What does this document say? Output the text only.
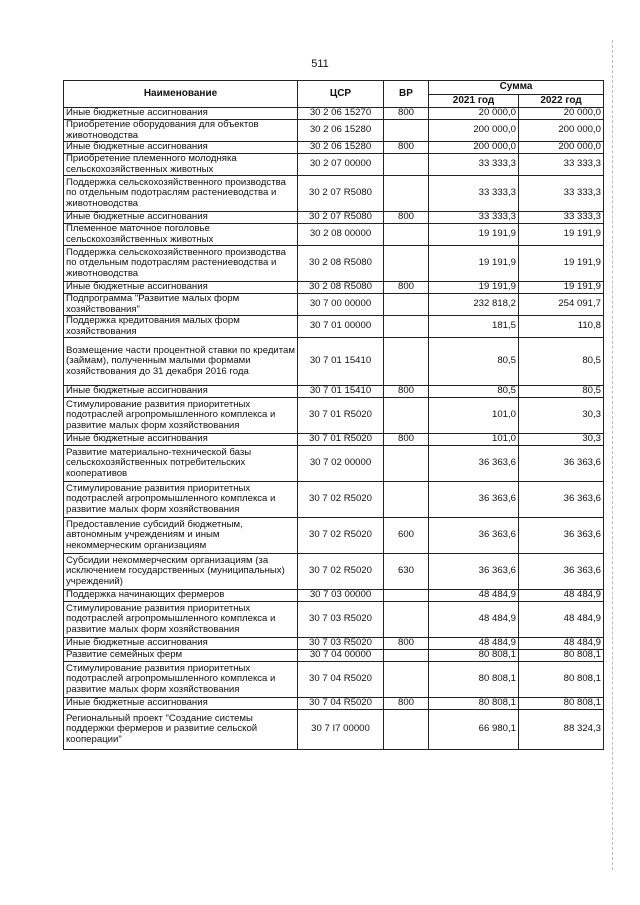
511
Наименование	ЦСР	ВР	Сумма	
			2021 год	2022 год
Иные бюджетные ассигнования	30 2 06 15270	800	20 000,0	20 000,0
Приобретение оборудования для объектов животноводства	30 2 06 15280		200 000,0	200 000,0
Иные бюджетные ассигнования	30 2 06 15280	800	200 000,0	200 000,0
Приобретение племенного молодняка сельскохозяйственных животных	30 2 07 00000		33 333,3	33 333,3
Поддержка сельскохозяйственного производства по отдельным подотраслям растениеводства и животноводства	30 2 07 R5080		33 333,3	33 333,3
Иные бюджетные ассигнования	30 2 07 R5080	800	33 333,3	33 333,3
Племенное маточное поголовье сельскохозяйственных животных	30 2 08 00000		19 191,9	19 191,9
Поддержка сельскохозяйственного производства по отдельным подотраслям растениеводства и животноводства	30 2 08 R5080		19 191,9	19 191,9
Иные бюджетные ассигнования	30 2 08 R5080	800	19 191,9	19 191,9
Подпрограмма "Развитие малых форм хозяйствования"	30 7 00 00000		232 818,2	254 091,7
Поддержка кредитования малых форм хозяйствования	30 7 01 00000		181,5	110,8
Возмещение части процентной ставки по кредитам (займам), полученным малыми формами хозяйствования до 31 декабря 2016 года	30 7 01 15410		80,5	80,5
Иные бюджетные ассигнования	30 7 01 15410	800	80,5	80,5
Стимулирование развития приоритетных подотраслей агропромышленного комплекса и развитие малых форм хозяйствования	30 7 01 R5020		101,0	30,3
Иные бюджетные ассигнования	30 7 01 R5020	800	101,0	30,3
Развитие материально-технической базы сельскохозяйственных потребительских кооперативов	30 7 02 00000		36 363,6	36 363,6
Стимулирование развития приоритетных подотраслей агропромышленного комплекса и развитие малых форм хозяйствования	30 7 02 R5020		36 363,6	36 363,6
Предоставление субсидий бюджетным, автономным учреждениям и иным некоммерческим организациям	30 7 02 R5020	600	36 363,6	36 363,6
Субсидии некоммерческим организациям (за исключением государственных (муниципальных) учреждений)	30 7 02 R5020	630	36 363,6	36 363,6
Поддержка начинающих фермеров	30 7 03 00000		48 484,9	48 484,9
Стимулирование развития приоритетных подотраслей агропромышленного комплекса и развитие малых форм хозяйствования	30 7 03 R5020		48 484,9	48 484,9
Иные бюджетные ассигнования	30 7 03 R5020	800	48 484,9	48 484,9
Развитие семейных ферм	30 7 04 00000		80 808,1	80 808,1
Стимулирование развития приоритетных подотраслей агропромышленного комплекса и развитие малых форм хозяйствования	30 7 04 R5020		80 808,1	80 808,1
Иные бюджетные ассигнования	30 7 04 R5020	800	80 808,1	80 808,1
Региональный проект "Создание системы поддержки фермеров и развитие сельской кооперации"	30 7 I7 00000		66 980,1	88 324,3
